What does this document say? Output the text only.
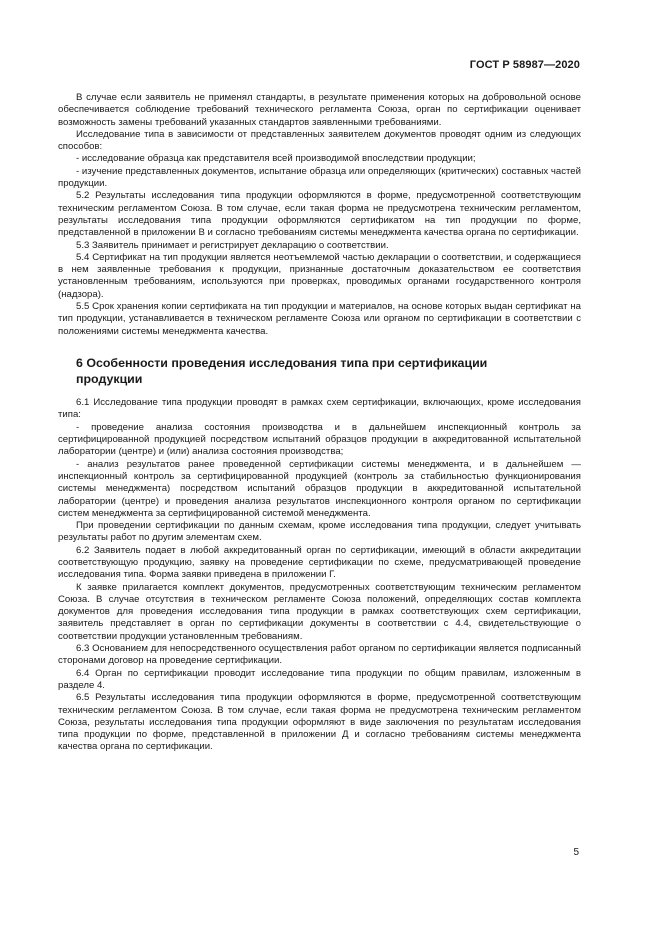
ГОСТ Р 58987—2020

В случае если заявитель не применял стандарты, в результате применения которых на добровольной основе обеспечивается соблюдение требований технического регламента Союза, орган по сертификации оценивает возможность замены требований указанных стандартов заявленными требованиями.

Исследование типа в зависимости от представленных заявителем документов проводят одним из следующих способов:

- исследование образца как представителя всей производимой впоследствии продукции;

- изучение представленных документов, испытание образца или определяющих (критических) составных частей продукции.

5.2 Результаты исследования типа продукции оформляются в форме, предусмотренной соответствующим техническим регламентом Союза. В том случае, если такая форма не предусмотрена техническим регламентом, результаты исследования типа продукции оформляются сертификатом на тип продукции по форме, представленной в приложении В и согласно требованиям системы менеджмента качества органа по сертификации.

5.3 Заявитель принимает и регистрирует декларацию о соответствии.

5.4 Сертификат на тип продукции является неотъемлемой частью декларации о соответствии, и содержащиеся в нем заявленные требования к продукции, признанные достаточным доказательством ее соответствия установленным требованиям, используются при проверках, проводимых органами государственного контроля (надзора).

5.5 Срок хранения копии сертификата на тип продукции и материалов, на основе которых выдан сертификат на тип продукции, устанавливается в техническом регламенте Союза или органом по сертификации в соответствии с положениями системы менеджмента качества.

6 Особенности проведения исследования типа при сертификации продукции

6.1 Исследование типа продукции проводят в рамках схем сертификации, включающих, кроме исследования типа:

- проведение анализа состояния производства и в дальнейшем инспекционный контроль за сертифицированной продукцией посредством испытаний образцов продукции в аккредитованной испытательной лаборатории (центре) и (или) анализа состояния производства;

- анализ результатов ранее проведенной сертификации системы менеджмента, и в дальнейшем — инспекционный контроль за сертифицированной продукцией (контроль за стабильностью функционирования системы менеджмента) посредством испытаний образцов продукции в аккредитованной испытательной лаборатории (центре) и проведения анализа результатов инспекционного контроля органом по сертификации систем менеджмента за сертифицированной системой менеджмента.

При проведении сертификации по данным схемам, кроме исследования типа продукции, следует учитывать результаты работ по другим элементам схем.

6.2 Заявитель подает в любой аккредитованный орган по сертификации, имеющий в области аккредитации соответствующую продукцию, заявку на проведение сертификации по схеме, предусматривающей проведение исследования типа. Форма заявки приведена в приложении Г.

К заявке прилагается комплект документов, предусмотренных соответствующим техническим регламентом Союза. В случае отсутствия в техническом регламенте Союза положений, определяющих состав комплекта документов для проведения исследования типа продукции в рамках соответствующих схем сертификации, заявитель представляет в орган по сертификации документы в соответствии с 4.4, свидетельствующие о соответствии продукции установленным требованиям.

6.3 Основанием для непосредственного осуществления работ органом по сертификации является подписанный сторонами договор на проведение сертификации.

6.4 Орган по сертификации проводит исследование типа продукции по общим правилам, изложенным в разделе 4.

6.5 Результаты исследования типа продукции оформляются в форме, предусмотренной соответствующим техническим регламентом Союза. В том случае, если такая форма не предусмотрена техническим регламентом Союза, результаты исследования типа продукции оформляют в виде заключения по результатам исследования типа продукции по форме, представленной в приложении Д и согласно требованиям системы менеджмента качества органа по сертификации.

5
